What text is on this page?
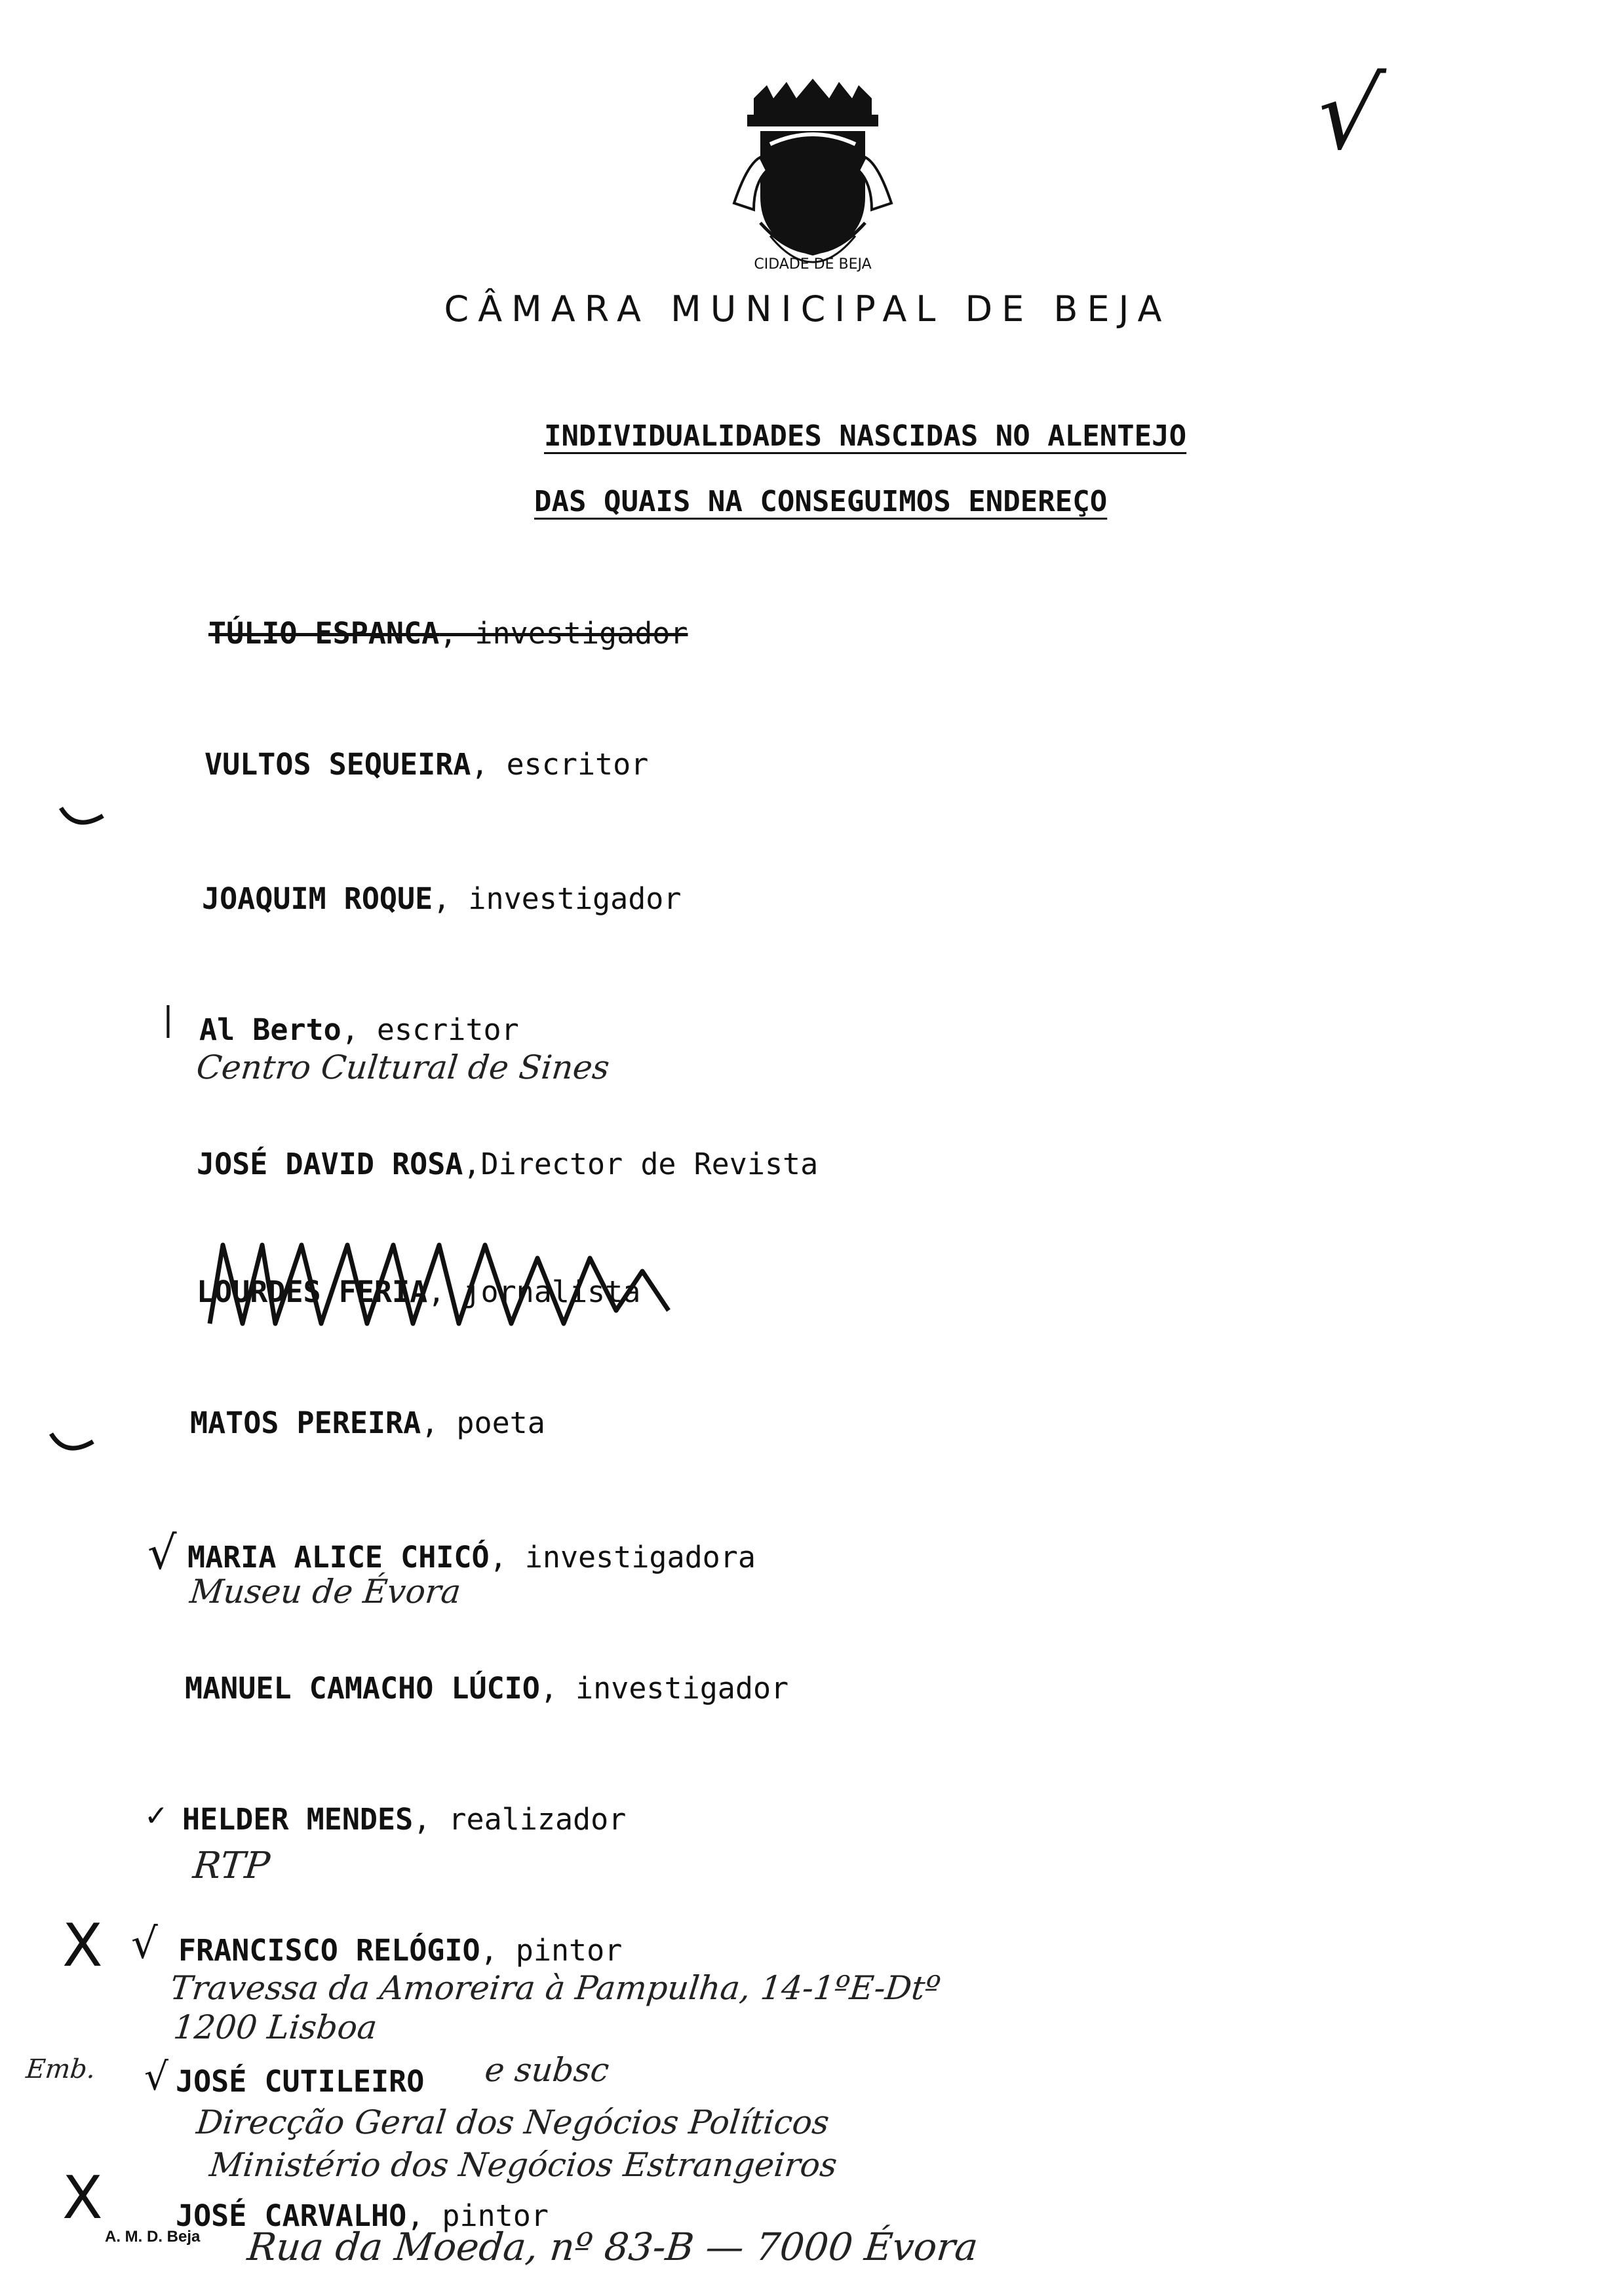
CIDADE DE BEJA
CÂMARA MUNICIPAL DE BEJA
INDIVIDUALIDADES NASCIDAS NO ALENTEJO
DAS QUAIS NA CONSEGUIMOS ENDEREÇO
√
TÚLIO ESPANCA, investigador
VULTOS SEQUEIRA, escritor
JOAQUIM ROQUE, investigador
| Al Berto, escritor
Centro Cultural de Sines
JOSÉ DAVID ROSA,Director de Revista
LOURDES FERIA, jornalista
MATOS PEREIRA, poeta
√ MARIA ALICE CHICÓ, investigadora
Museu de Évora
MANUEL CAMACHO LÚCIO, investigador
✓ HELDER MENDES, realizador
RTP
X √ FRANCISCO RELÓGIO, pintor
Travessa da Amoreira à Pampulha, 14-1ºE-Dtº
1200 Lisboa
Emb. √ JOSÉ CUTILEIRO e subsc
Direcção Geral dos Negócios Políticos
Ministério dos Negócios Estrangeiros
X JOSÉ CARVALHO, pintor
A. M. D. Beja Rua da Moeda, nº 83-B — 7000 Évora
